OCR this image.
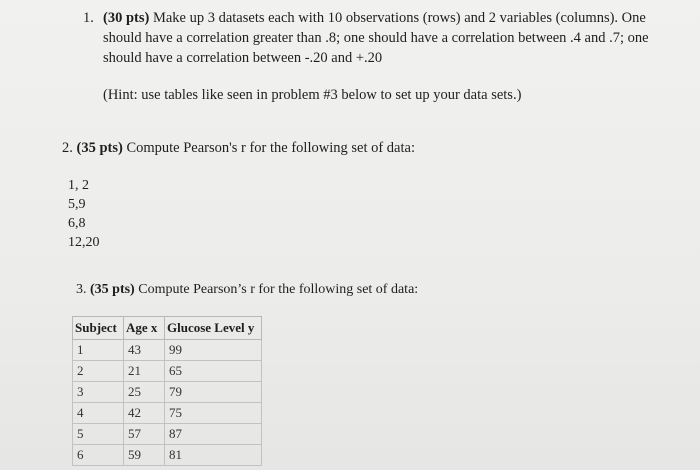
1. (30 pts) Make up 3 datasets each with 10 observations (rows) and 2 variables (columns). One should have a correlation greater than .8; one should have a correlation between .4 and .7; one should have a correlation between -.20 and +.20
(Hint: use tables like seen in problem #3 below to set up your data sets.)
2. (35 pts) Compute Pearson's r for the following set of data:
1, 2
5,9
6,8
12,20
3. (35 pts) Compute Pearson’s r for the following set of data:
Subject	Age x	Glucose Level y
1	43	99
2	21	65
3	25	79
4	42	75
5	57	87
6	59	81
